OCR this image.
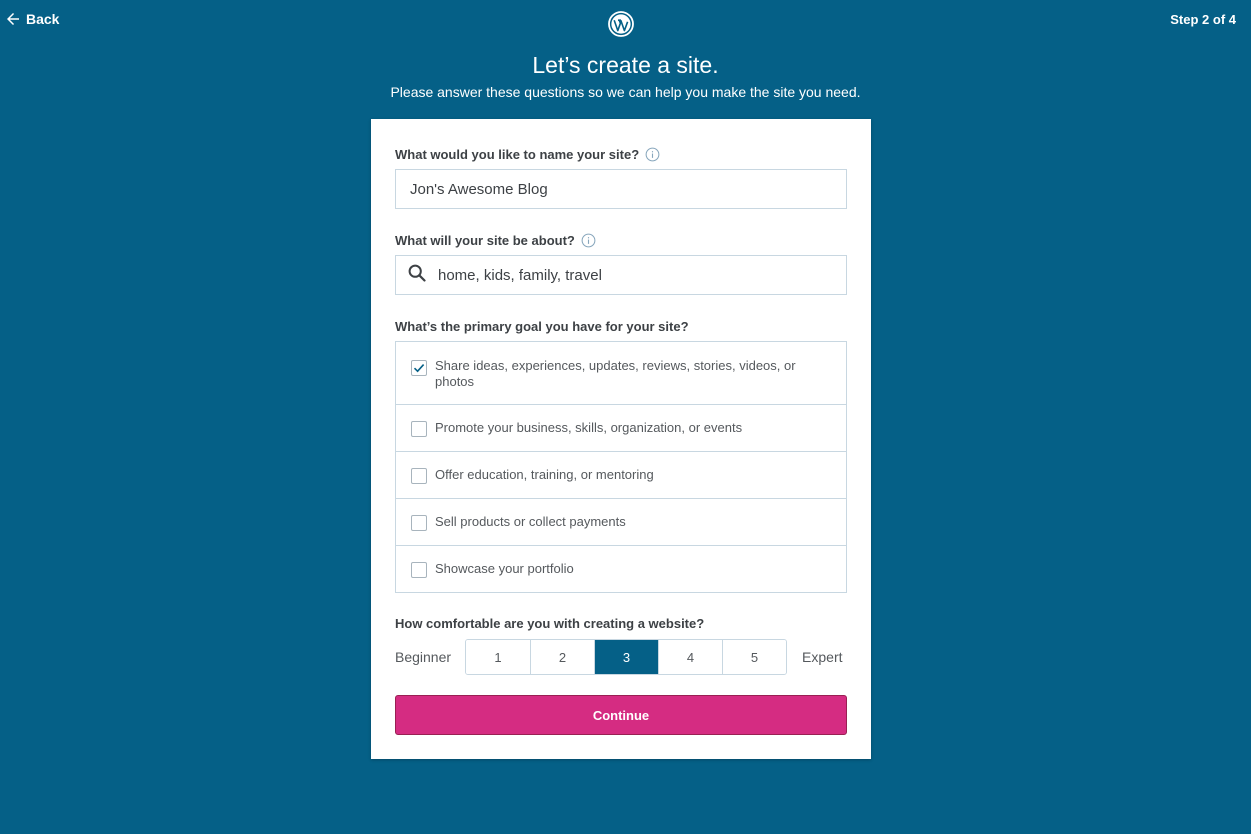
Back	Step 2 of 4
Let’s create a site.

Please answer these questions so we can help you make the site you need.

What would you like to name your site?
Jon's Awesome Blog
What will your site be about?
home, kids, family, travel
What’s the primary goal you have for your site?
Share ideas, experiences, updates, reviews, stories, videos, or photos
Promote your business, skills, organization, or events
Offer education, training, or mentoring
Sell products or collect payments
Showcase your portfolio
How comfortable are you with creating a website?
Beginner	1	2	3	4	5	Expert
Continue
